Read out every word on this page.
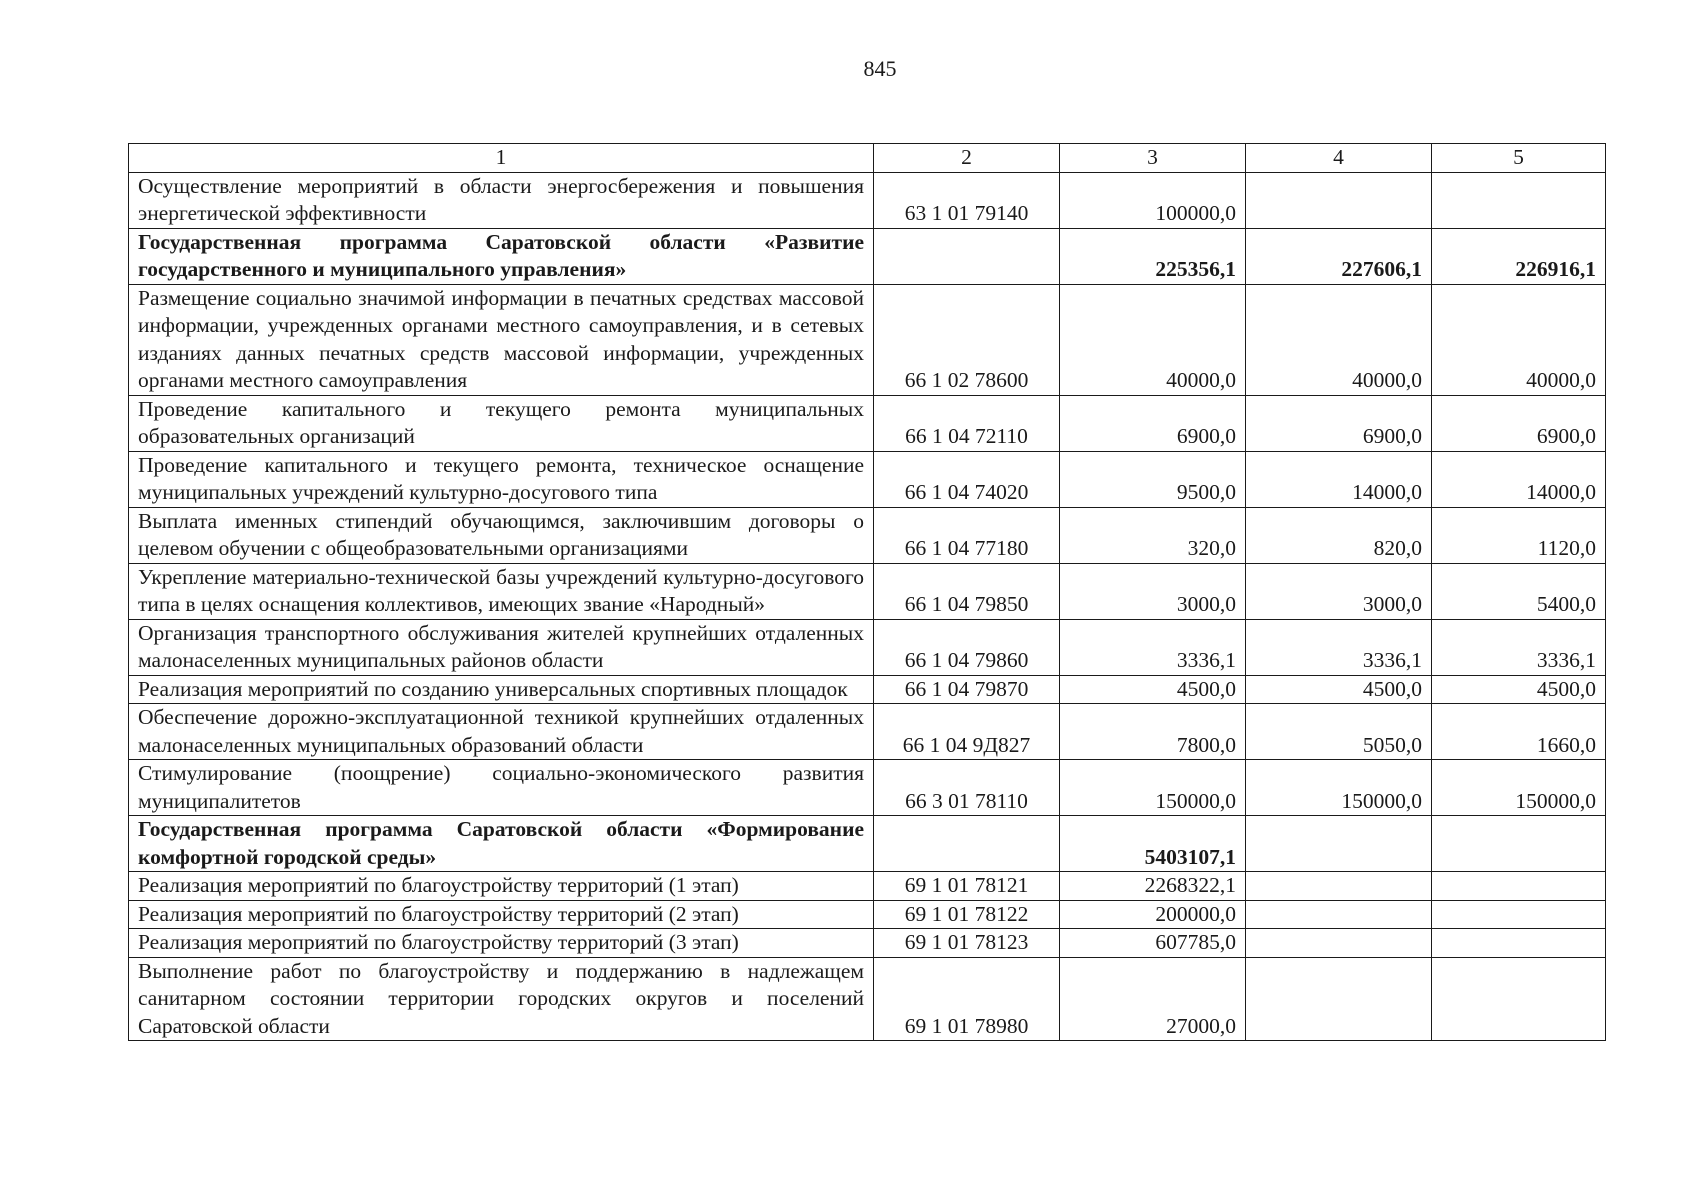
845
1	2	3	4	5
Осуществление мероприятий в области энергосбережения и повышения энергетической эффективности	63 1 01 79140	100000,0		
Государственная программа Саратовской области «Развитие государственного и муниципального управления»		225356,1	227606,1	226916,1
Размещение социально значимой информации в печатных средствах массовой информации, учрежденных органами местного самоуправления, и в сетевых изданиях данных печатных средств массовой информации, учрежденных органами местного самоуправления	66 1 02 78600	40000,0	40000,0	40000,0
Проведение капитального и текущего ремонта муниципальных образовательных организаций	66 1 04 72110	6900,0	6900,0	6900,0
Проведение капитального и текущего ремонта, техническое оснащение муниципальных учреждений культурно-досугового типа	66 1 04 74020	9500,0	14000,0	14000,0
Выплата именных стипендий обучающимся, заключившим договоры о целевом обучении с общеобразовательными организациями	66 1 04 77180	320,0	820,0	1120,0
Укрепление материально-технической базы учреждений культурно-досугового типа в целях оснащения коллективов, имеющих звание «Народный»	66 1 04 79850	3000,0	3000,0	5400,0
Организация транспортного обслуживания жителей крупнейших отдаленных малонаселенных муниципальных районов области	66 1 04 79860	3336,1	3336,1	3336,1
Реализация мероприятий по созданию универсальных спортивных площадок	66 1 04 79870	4500,0	4500,0	4500,0
Обеспечение дорожно-эксплуатационной техникой крупнейших отдаленных малонаселенных муниципальных образований области	66 1 04 9Д827	7800,0	5050,0	1660,0
Стимулирование (поощрение) социально-экономического развития муниципалитетов	66 3 01 78110	150000,0	150000,0	150000,0
Государственная программа Саратовской области «Формирование комфортной городской среды»		5403107,1		
Реализация мероприятий по благоустройству территорий (1 этап)	69 1 01 78121	2268322,1		
Реализация мероприятий по благоустройству территорий (2 этап)	69 1 01 78122	200000,0		
Реализация мероприятий по благоустройству территорий (3 этап)	69 1 01 78123	607785,0		
Выполнение работ по благоустройству и поддержанию в надлежащем санитарном состоянии территории городских округов и поселений Саратовской области	69 1 01 78980	27000,0		
